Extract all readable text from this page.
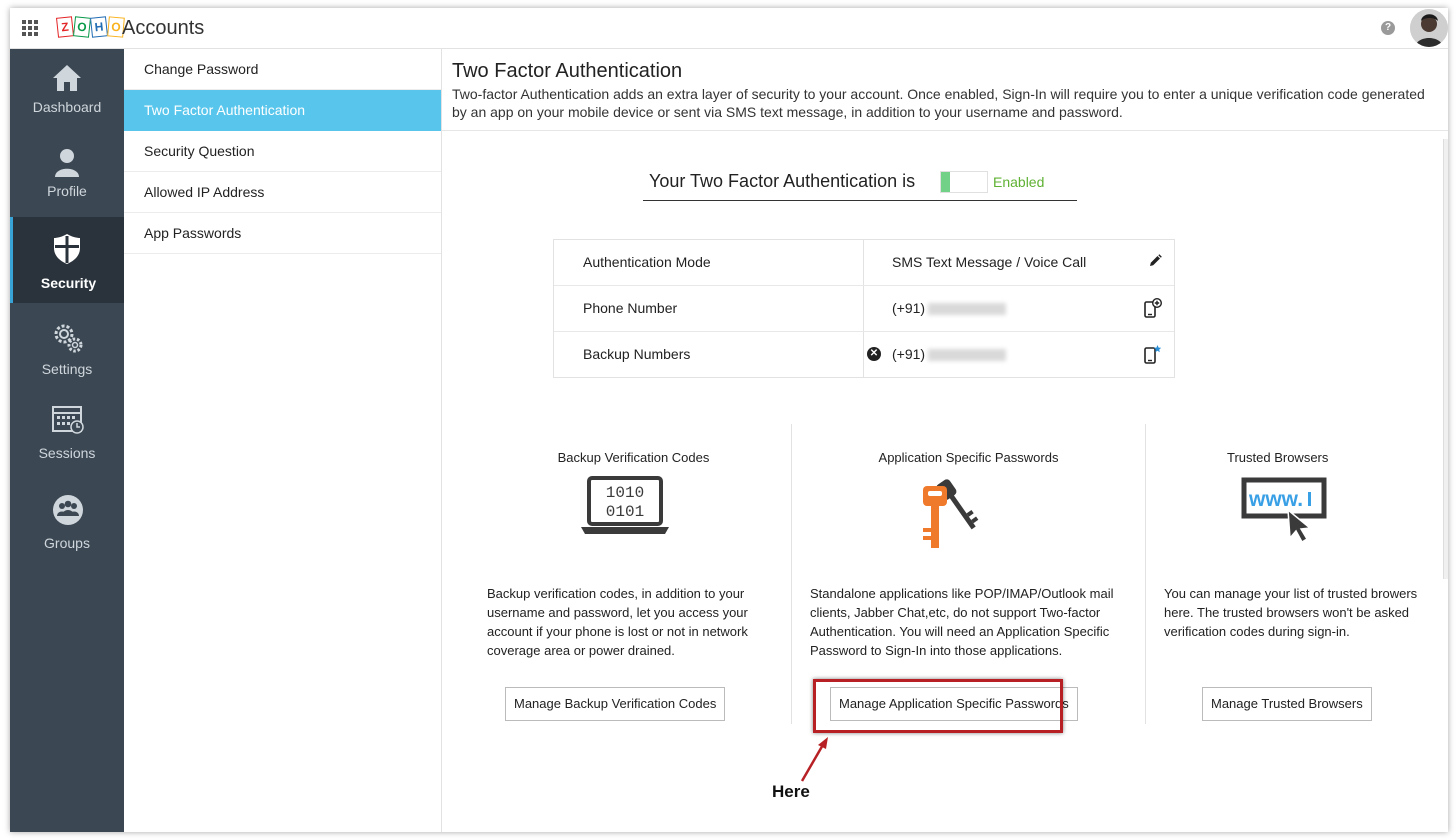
Z O H O Accounts	?
Dashboard
Profile
Security
Settings
Sessions
Groups
Change Password
Two Factor Authentication
Security Question
Allowed IP Address
App Passwords
Two Factor Authentication
Two-factor Authentication adds an extra layer of security to your account. Once enabled, Sign-In will require you to enter a unique verification code generated by an app on your mobile device or sent via SMS text message, in addition to your username and password.
Your Two Factor Authentication is	Enabled
Authentication Mode	SMS Text Message / Voice Call
Phone Number	(+91)
Backup Numbers	✕ (+91)
Backup Verification Codes
1010
0101
Backup verification codes, in addition to your username and password, let you access your account if your phone is lost or not in network coverage area or power drained.
Manage Backup Verification Codes
Application Specific Passwords
Standalone applications like POP/IMAP/Outlook mail clients, Jabber Chat,etc, do not support Two-factor Authentication. You will need an Application Specific Password to Sign-In into those applications.
Manage Application Specific Passwords
Trusted Browsers
www.
You can manage your list of trusted browers here. The trusted browsers won't be asked verification codes during sign-in.
Manage Trusted Browsers
Here
